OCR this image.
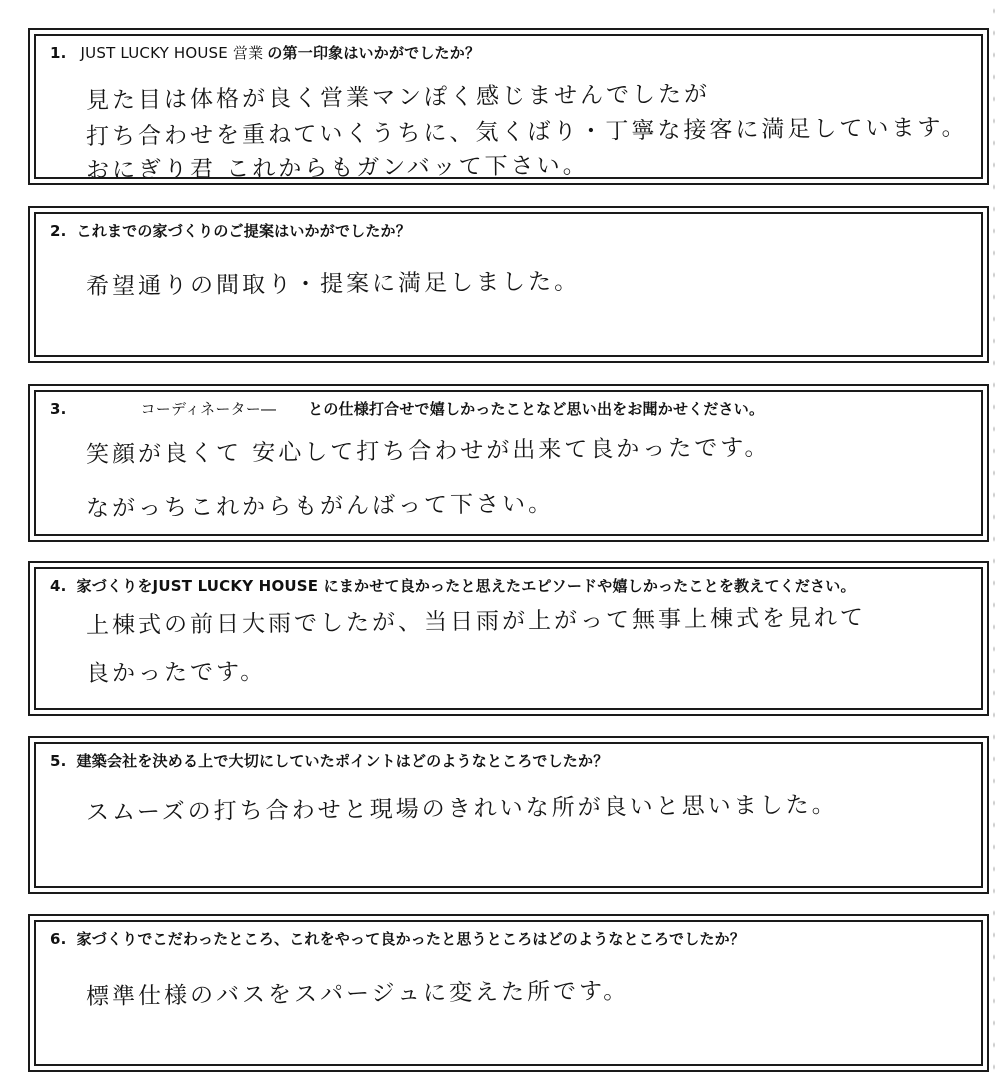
1. JUST LUCKY HOUSE 営業 の第一印象はいかがでしたか？
見た目は体格が良く営業マンぽく感じませんでしたが
打ち合わせを重ねていくうちに、気くばり・丁寧な接客に満足しています。
おにぎり君 これからもガンバッて下さい。
2. これまでの家づくりのご提案はいかがでしたか？
希望通りの間取り・提案に満足しました。
3.	コーディネーター― との仕様打合せで嬉しかったことなど思い出をお聞かせください。
笑顔が良くて 安心して打ち合わせが出来て良かったです。
ながっちこれからもがんばって下さい。
4. 家づくりをJUST LUCKY HOUSE にまかせて良かったと思えたエピソードや嬉しかったことを教えてください。
上棟式の前日大雨でしたが、当日雨が上がって無事上棟式を見れて
良かったです。
5. 建築会社を決める上で大切にしていたポイントはどのようなところでしたか？
スムーズの打ち合わせと現場のきれいな所が良いと思いました。
6. 家づくりでこだわったところ、これをやって良かったと思うところはどのようなところでしたか？
標準仕様のバスをスパージュに変えた所です。
